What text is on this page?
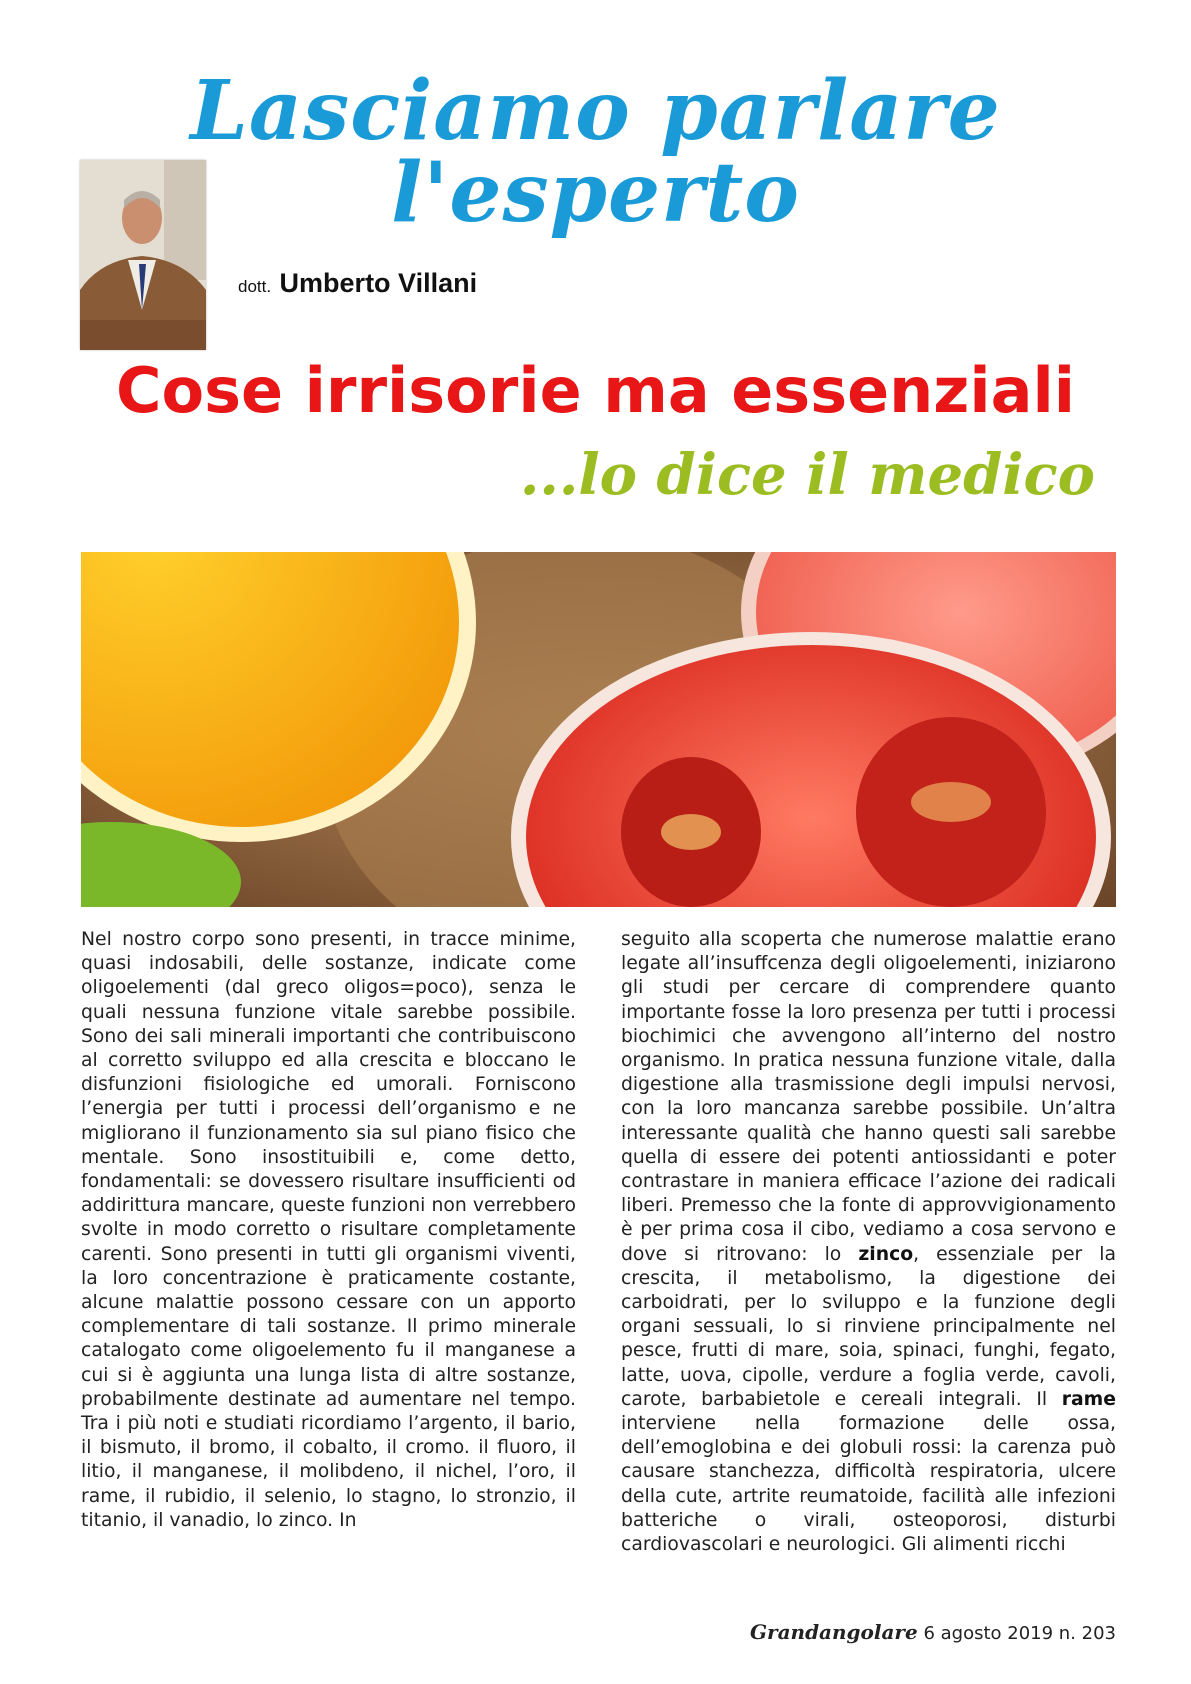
Lasciamo parlare l'esperto
dott. Umberto Villani
Cose irrisorie ma essenziali
...lo dice il medico
Nel nostro corpo sono presenti, in tracce minime, quasi indosabili, delle sostanze, indicate come oligoelementi (dal greco oligos=poco), senza le quali nessuna funzione vitale sarebbe possibile. Sono dei sali minerali importanti che contribuiscono al corretto sviluppo ed alla crescita e bloccano le disfunzioni fisiologiche ed umorali. Forniscono l’energia per tutti i processi dell’organismo e ne migliorano il funzionamento sia sul piano fisico che mentale. Sono insostituibili e, come detto, fondamentali: se dovessero risultare insufficienti od addirittura mancare, queste funzioni non verrebbero svolte in modo corretto o risultare completamente carenti. Sono presenti in tutti gli organismi viventi, la loro concentrazione è praticamente costante, alcune malattie possono cessare con un apporto complementare di tali sostanze. Il primo minerale catalogato come oligoelemento fu il manganese a cui si è aggiunta una lunga lista di altre sostanze, probabilmente destinate ad aumentare nel tempo. Tra i più noti e studiati ricordiamo l’argento, il bario, il bismuto, il bromo, il cobalto, il cromo. il fluoro, il litio, il manganese, il molibdeno, il nichel, l’oro, il rame, il rubidio, il selenio, lo stagno, lo stronzio, il titanio, il vanadio, lo zinco. In
seguito alla scoperta che numerose malattie erano legate all’insuffcenza degli oligoelementi, iniziarono gli studi per cercare di comprendere quanto importante fosse la loro presenza per tutti i processi biochimici che avvengono all’interno del nostro organismo. In pratica nessuna funzione vitale, dalla digestione alla trasmissione degli impulsi nervosi, con la loro mancanza sarebbe possibile. Un’altra interessante qualità che hanno questi sali sarebbe quella di essere dei potenti antiossidanti e poter contrastare in maniera efficace l’azione dei radicali liberi. Premesso che la fonte di approvvigionamento è per prima cosa il cibo, vediamo a cosa servono e dove si ritrovano: lo zinco, essenziale per la crescita, il metabolismo, la digestione dei carboidrati, per lo sviluppo e la funzione degli organi sessuali, lo si rinviene principalmente nel pesce, frutti di mare, soia, spinaci, funghi, fegato, latte, uova, cipolle, verdure a foglia verde, cavoli, carote, barbabietole e cereali integrali. Il rame interviene nella formazione delle ossa, dell’emoglobina e dei globuli rossi: la carenza può causare stanchezza, difficoltà respiratoria, ulcere della cute, artrite reumatoide, facilità alle infezioni batteriche o virali, osteoporosi, disturbi cardiovascolari e neurologici. Gli alimenti ricchi
Grandangolare 6 agosto 2019 n. 203
